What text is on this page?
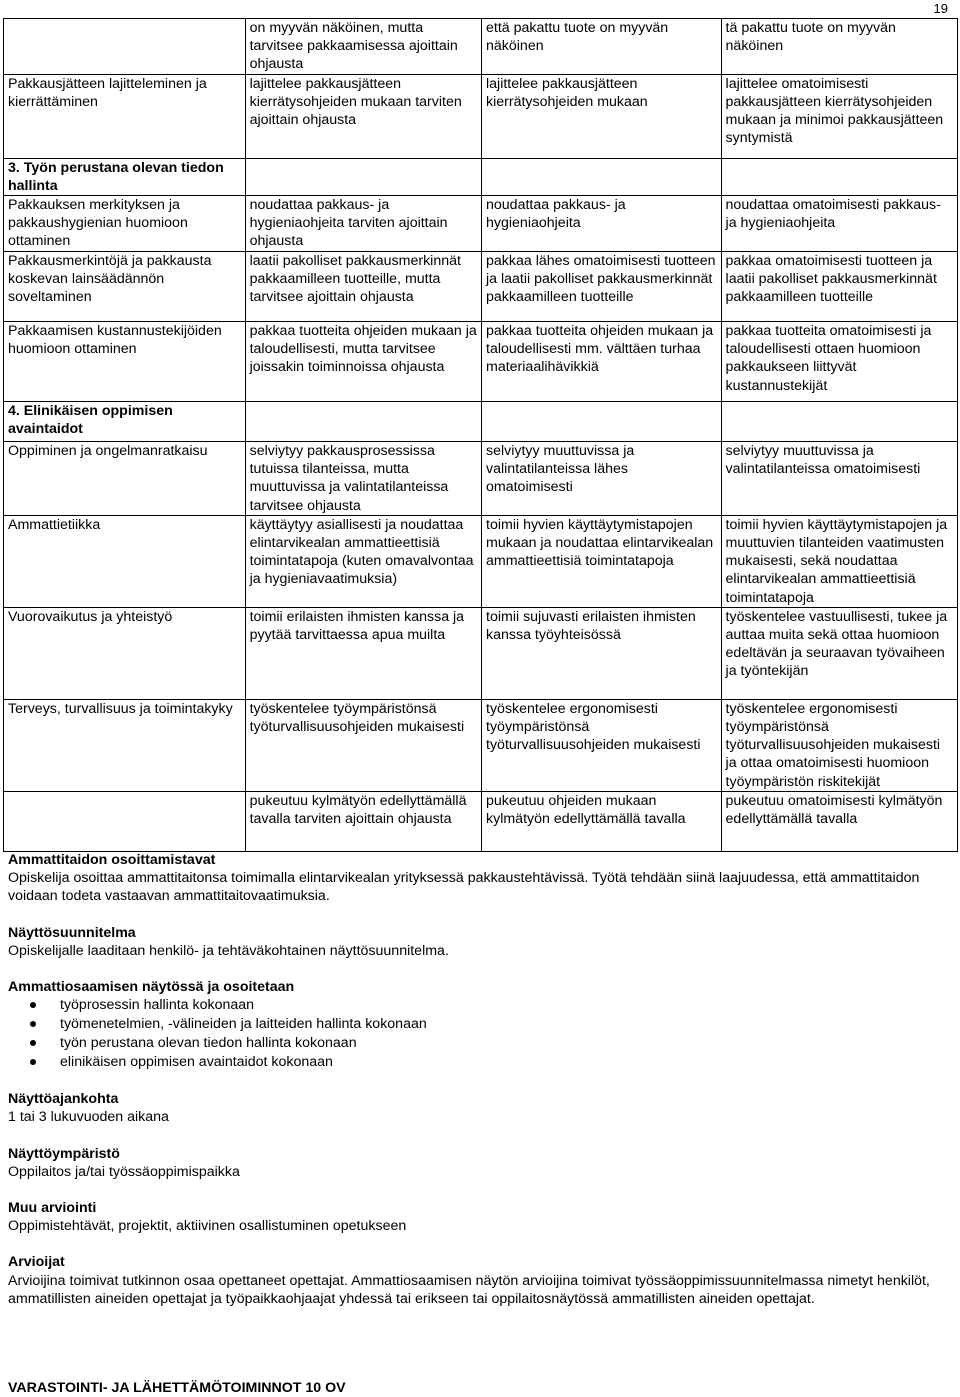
19
	on myyvän näköinen, mutta tarvitsee pakkaamisessa ajoittain ohjausta	että pakattu tuote on myyvän näköinen	tä pakattu tuote on myyvän näköinen
Pakkausjätteen lajitteleminen ja kierrättäminen	lajittelee pakkausjätteen kierrätysohjeiden mukaan tarviten ajoittain ohjausta	lajittelee pakkausjätteen kierrätysohjeiden mukaan	lajittelee omatoimisesti pakkausjätteen kierrätysohjeiden mukaan ja minimoi pakkausjätteen syntymistä
3. Työn perustana olevan tiedon hallinta			
Pakkauksen merkityksen ja pakkaushygienian huomioon ottaminen	noudattaa pakkaus- ja hygieniaohjeita tarviten ajoittain ohjausta	noudattaa pakkaus- ja hygieniaohjeita	noudattaa omatoimisesti pakkaus- ja hygieniaohjeita
Pakkausmerkintöjä ja pakkausta koskevan lainsäädännön soveltaminen	laatii pakolliset pakkausmerkinnät pakkaamilleen tuotteille, mutta tarvitsee ajoittain ohjausta	pakkaa lähes omatoimisesti tuotteen ja laatii pakolliset pakkausmerkinnät pakkaamilleen tuotteille	pakkaa omatoimisesti tuotteen ja laatii pakolliset pakkausmerkinnät pakkaamilleen tuotteille
Pakkaamisen kustannustekijöiden huomioon ottaminen	pakkaa tuotteita ohjeiden mukaan ja taloudellisesti, mutta tarvitsee joissakin toiminnoissa ohjausta	pakkaa tuotteita ohjeiden mukaan ja taloudellisesti mm. välttäen turhaa materiaalihävikkiä	pakkaa tuotteita omatoimisesti ja taloudellisesti ottaen huomioon pakkaukseen liittyvät kustannustekijät
4. Elinikäisen oppimisen avaintaidot			
Oppiminen ja ongelmanratkaisu	selviytyy pakkausprosessissa tutuissa tilanteissa, mutta muuttuvissa ja valintatilanteissa tarvitsee ohjausta	selviytyy muuttuvissa ja valintatilanteissa lähes omatoimisesti	selviytyy muuttuvissa ja valintatilanteissa omatoimisesti
Ammattietiikka	käyttäytyy asiallisesti ja noudattaa elintarvikealan ammattieettisiä toimintatapoja (kuten omavalvontaa ja hygieniavaatimuksia)	toimii hyvien käyttäytymistapojen mukaan ja noudattaa elintarvikealan ammattieettisiä toimintatapoja	toimii hyvien käyttäytymistapojen ja muuttuvien tilanteiden vaatimusten mukaisesti, sekä noudattaa elintarvikealan ammattieettisiä toimintatapoja
Vuorovaikutus ja yhteistyö	toimii erilaisten ihmisten kanssa ja pyytää tarvittaessa apua muilta	toimii sujuvasti erilaisten ihmisten kanssa työyhteisössä	työskentelee vastuullisesti, tukee ja auttaa muita sekä ottaa huomioon edeltävän ja seuraavan työvaiheen ja työntekijän
Terveys, turvallisuus ja toimintakyky	työskentelee työympäristönsä työturvallisuusohjeiden mukaisesti	työskentelee ergonomisesti työympäristönsä työturvallisuusohjeiden mukaisesti	työskentelee ergonomisesti työympäristönsä työturvallisuusohjeiden mukaisesti ja ottaa omatoimisesti huomioon työympäristön riskitekijät
	pukeutuu kylmätyön edellyttämällä tavalla tarviten ajoittain ohjausta	pukeutuu ohjeiden mukaan kylmätyön edellyttämällä tavalla	pukeutuu omatoimisesti kylmätyön edellyttämällä tavalla
Ammattitaidon osoittamistavat

Opiskelija osoittaa ammattitaitonsa toimimalla elintarvikealan yrityksessä pakkaustehtävissä. Työtä tehdään siinä laajuudessa, että ammattitaidon voidaan todeta vastaavan ammattitaitovaatimuksia.

Näyttösuunnitelma

Opiskelijalle laaditaan henkilö- ja tehtäväkohtainen näyttösuunnitelma.

Ammattiosaamisen näytössä ja osoitetaan
työprosessin hallinta kokonaan
työmenetelmien, -välineiden ja laitteiden hallinta kokonaan
työn perustana olevan tiedon hallinta kokonaan
elinikäisen oppimisen avaintaidot kokonaan
Näyttöajankohta

1 tai 3 lukuvuoden aikana

Näyttöympäristö

Oppilaitos ja/tai työssäoppimispaikka

Muu arviointi

Oppimistehtävät, projektit, aktiivinen osallistuminen opetukseen

Arvioijat

Arvioijina toimivat tutkinnon osaa opettaneet opettajat. Ammattiosaamisen näytön arvioijina toimivat työssäoppimissuunnitelmassa nimetyt henkilöt, ammatillisten aineiden opettajat ja työpaikkaohjaajat yhdessä tai erikseen tai oppilaitosnäytössä ammatillisten aineiden opettajat.

VARASTOINTI- JA LÄHETTÄMÖTOIMINNOT 10 OV
